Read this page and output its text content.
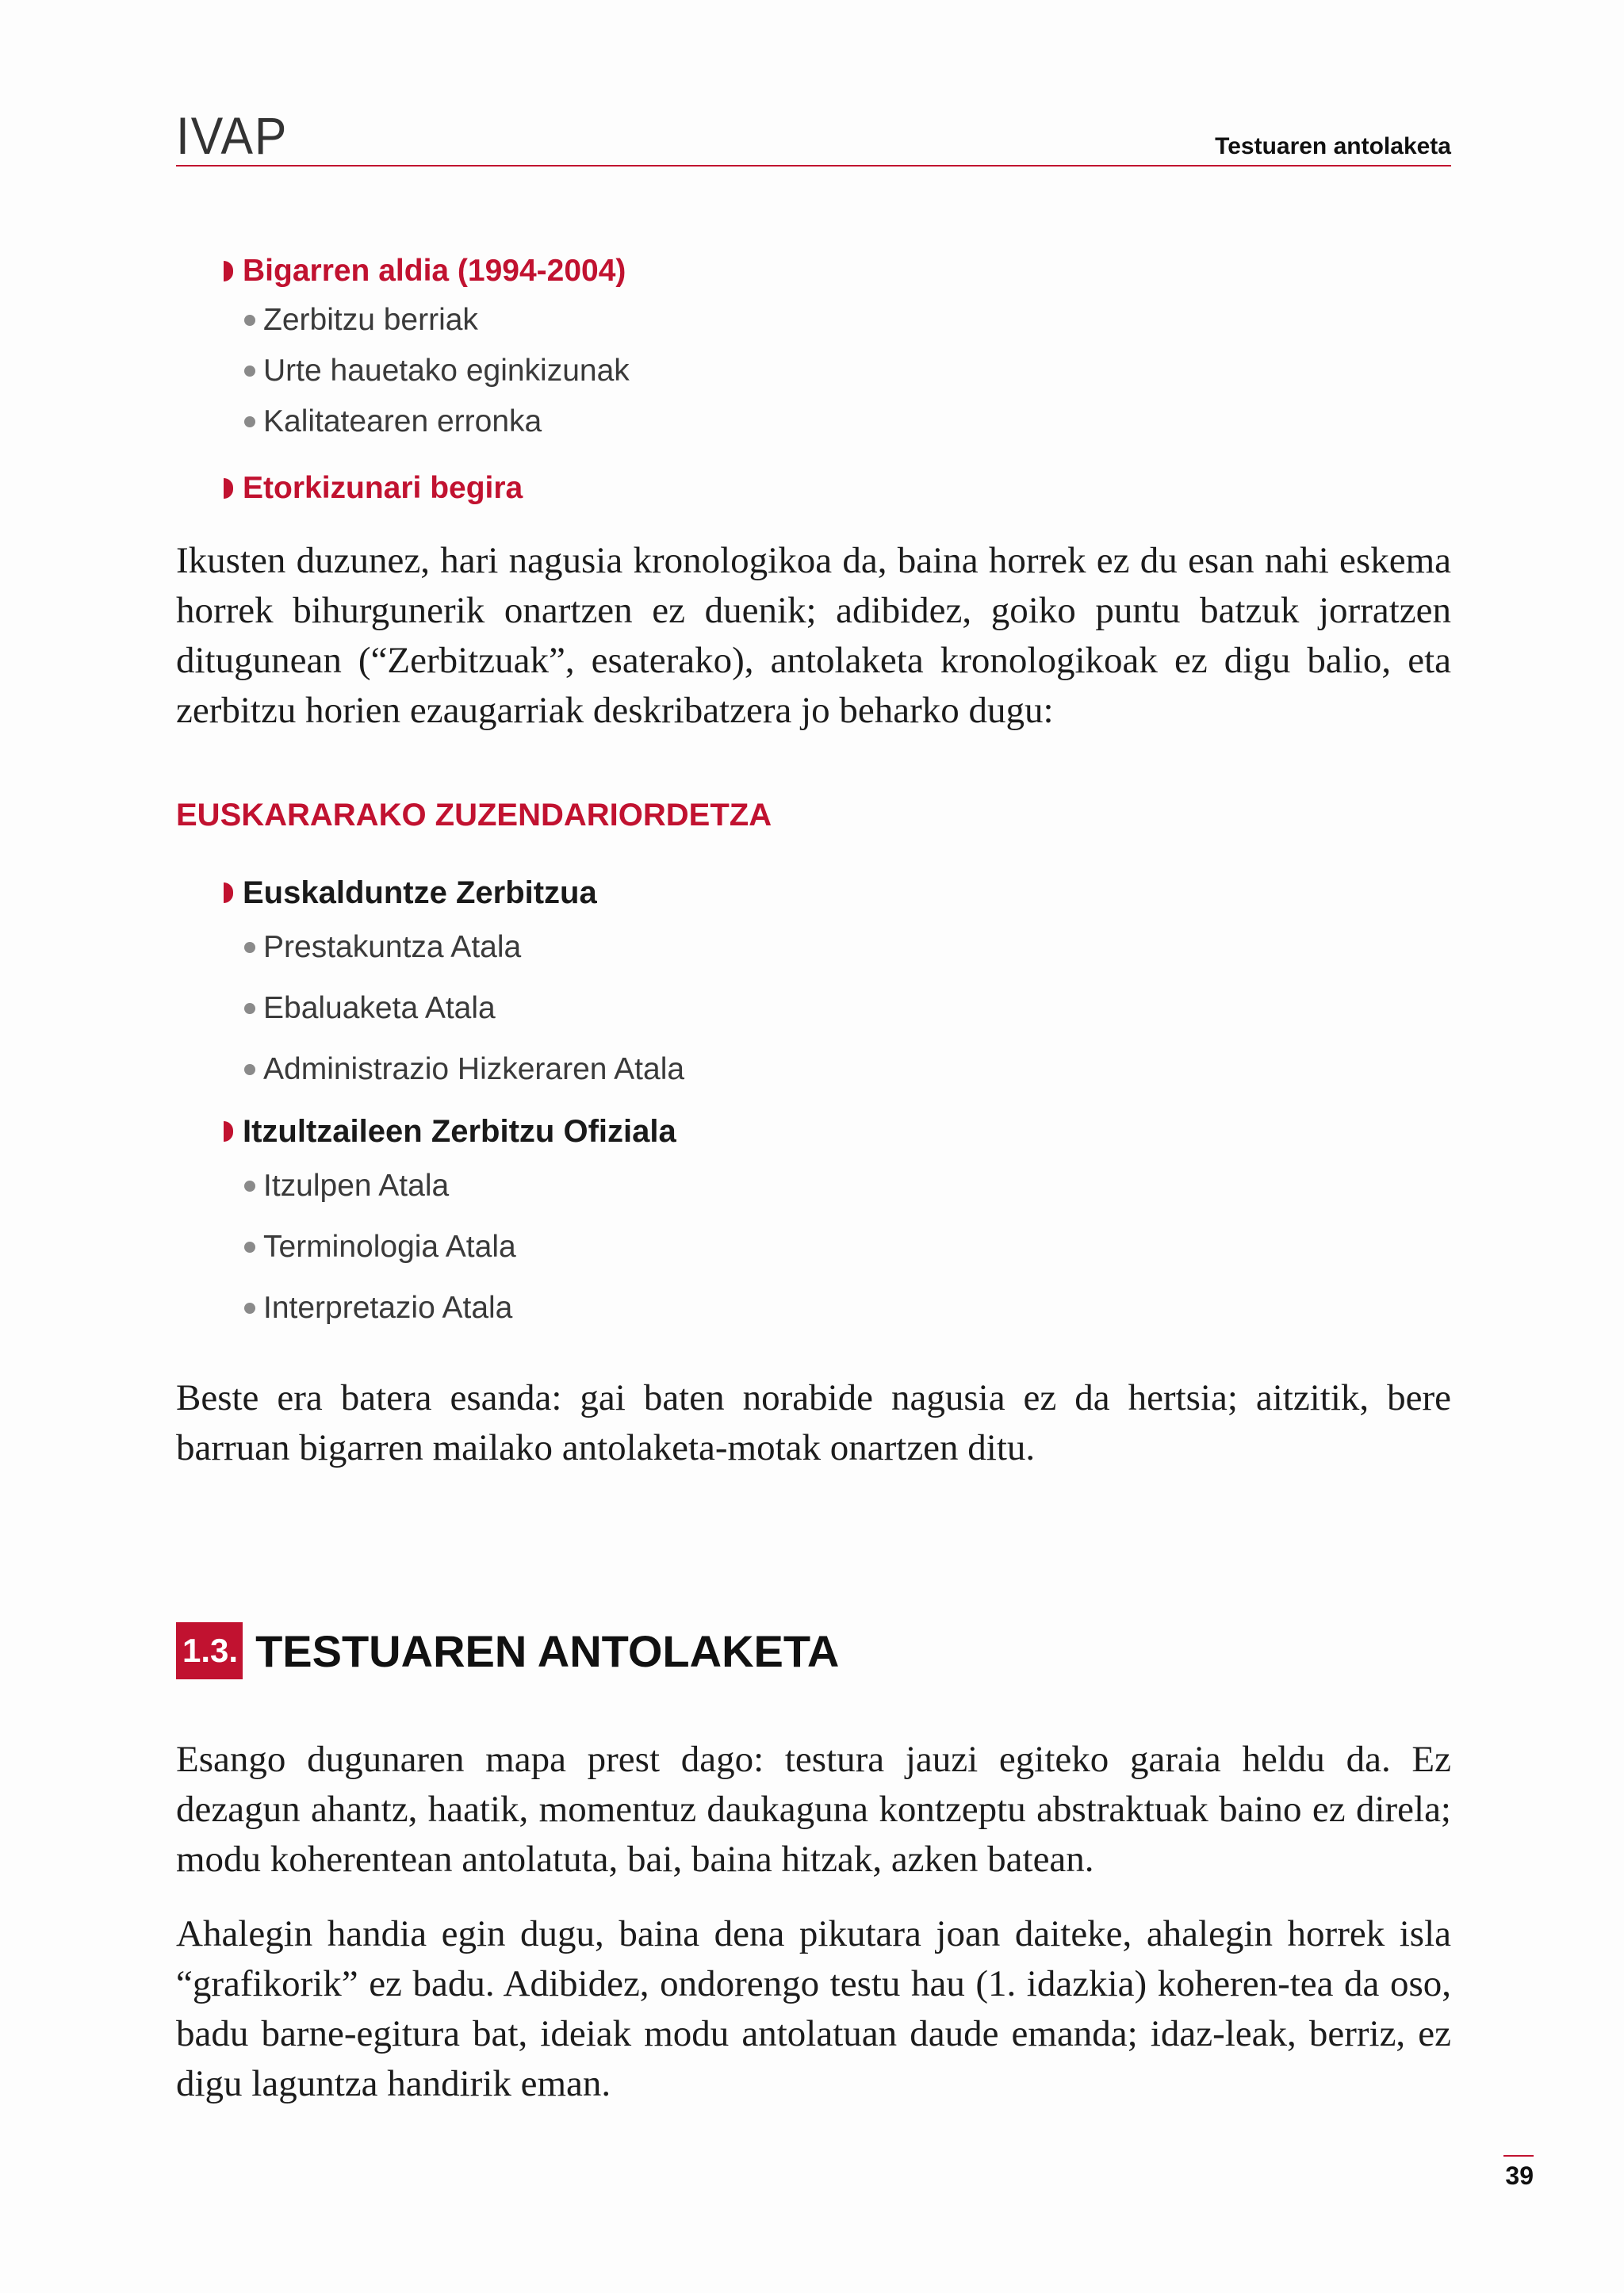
IVAP	Testuaren antolaketa
Bigarren aldia (1994-2004)
Zerbitzu berriak
Urte hauetako eginkizunak
Kalitatearen erronka
Etorkizunari begira

Ikusten duzunez, hari nagusia kronologikoa da, baina horrek ez du esan nahi eskema horrek bihurgunerik onartzen ez duenik; adibidez, goiko puntu batzuk jorratzen ditugunean (“Zerbitzuak”, esaterako), antolaketa kronologikoak ez digu balio, eta zerbitzu horien ezaugarriak deskribatzera jo beharko dugu:

EUSKARARAKO ZUZENDARIORDETZA
Euskalduntze Zerbitzua
Prestakuntza Atala
Ebaluaketa Atala
Administrazio Hizkeraren Atala
Itzultzaileen Zerbitzu Ofiziala
Itzulpen Atala
Terminologia Atala
Interpretazio Atala

Beste era batera esanda: gai baten norabide nagusia ez da hertsia; aitzitik, bere barruan bigarren mailako antolaketa-motak onartzen ditu.

1.3. TESTUAREN ANTOLAKETA

Esango dugunaren mapa prest dago: testura jauzi egiteko garaia heldu da. Ez dezagun ahantz, haatik, momentuz daukaguna kontzeptu abstraktuak baino ez direla; modu koherentean antolatuta, bai, baina hitzak, azken batean.

Ahalegin handia egin dugu, baina dena pikutara joan daiteke, ahalegin horrek isla “grafikorik” ez badu. Adibidez, ondorengo testu hau (1. idazkia) koheren-tea da oso, badu barne-egitura bat, ideiak modu antolatuan daude emanda; idaz-leak, berriz, ez digu laguntza handirik eman.

39
